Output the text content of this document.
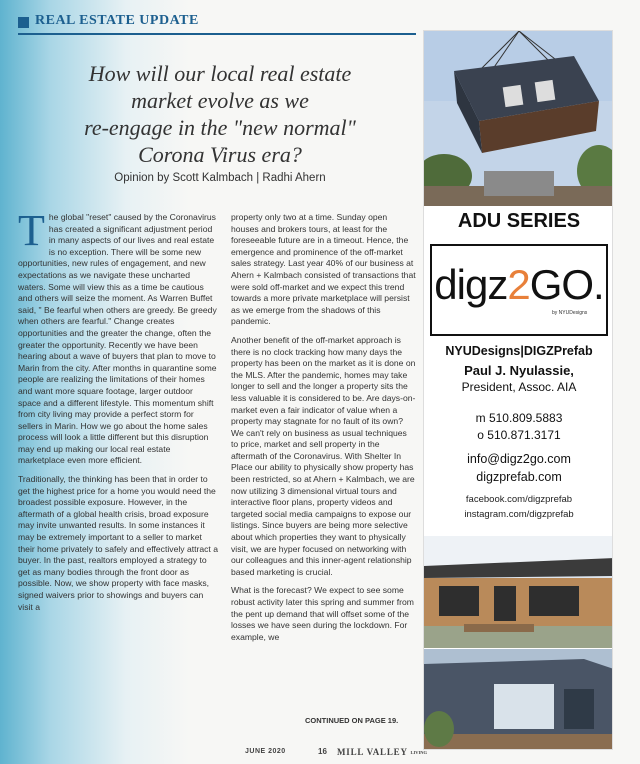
REAL ESTATE UPDATE
How will our local real estate
market evolve as we
re-engage in the "new normal"
Corona Virus era?
Opinion by Scott Kalmbach | Radhi Ahern

The global "reset" caused by the Coronavirus has created a significant adjustment period in many aspects of our lives and real estate is no exception. There will be some new opportunities, new rules of engagement, and new expectations as we navigate these uncharted waters. Some will view this as a time be cautious and others will seize the moment. As Warren Buffet said, " Be fearful when others are greedy. Be greedy when others are fearful." Change creates opportunities and the greater the change, often the greater the opportunity. Recently we have been hearing about a wave of buyers that plan to move to Marin from the city. After months in quarantine some people are realizing the limitations of their homes and want more square footage, larger outdoor space and a different lifestyle. This momentum shift from city living may provide a perfect storm for sellers in Marin. How we go about the home sales process will look a little different but this disruption may end up making our local real estate marketplace even more efficient.

Traditionally, the thinking has been that in order to get the highest price for a home you would need the broadest possible exposure. However, in the aftermath of a global health crisis, broad exposure may invite unwanted results. In some instances it may be extremely important to a seller to market their home privately to safely and effectively attract a buyer. In the past, realtors employed a strategy to get as many bodies through the front door as possible. Now, we show property with face masks, signed waivers prior to showings and buyers can visit a

property only two at a time. Sunday open houses and brokers tours, at least for the foreseeable future are in a timeout. Hence, the emergence and prominence of the off-market sales strategy. Last year 40% of our business at Ahern + Kalmbach consisted of transactions that were sold off-market and we expect this trend towards a more private marketplace will persist as we emerge from the shadows of this pandemic.

Another benefit of the off-market approach is there is no clock tracking how many days the property has been on the market as it is done on the MLS. After the pandemic, homes may take longer to sell and the longer a property sits the less valuable it is considered to be. Are days-on-market even a fair indicator of value when a property may stagnate for no fault of its own? We can't rely on business as usual techniques to price, market and sell property in the aftermath of the Coronavirus. With Shelter In Place our ability to physically show property has been restricted, so at Ahern + Kalmbach, we are now utilizing 3 dimensional virtual tours and interactive floor plans, property videos and targeted social media campaigns to expose our listings. Since buyers are being more selective about which properties they want to physically visit, we are hyper focused on networking with our colleagues and this inner-agent relationship based marketing is crucial.

What is the forecast? We expect to see some robust activity later this spring and summer from the pent up demand that will offset some of the losses we have seen during the lockdown. For example, we

CONTINUED ON PAGE 19.
JUNE 2020	16 MILL VALLEY LIVING
ADU SERIES
digz2GO.
by NYUDesigns
NYUDesigns|DIGZPrefab
Paul J. Nyulassie,
President, Assoc. AIA
m 510.809.5883
o 510.871.3171
info@digz2go.com
digzprefab.com
facebook.com/digzprefab
instagram.com/digzprefab
